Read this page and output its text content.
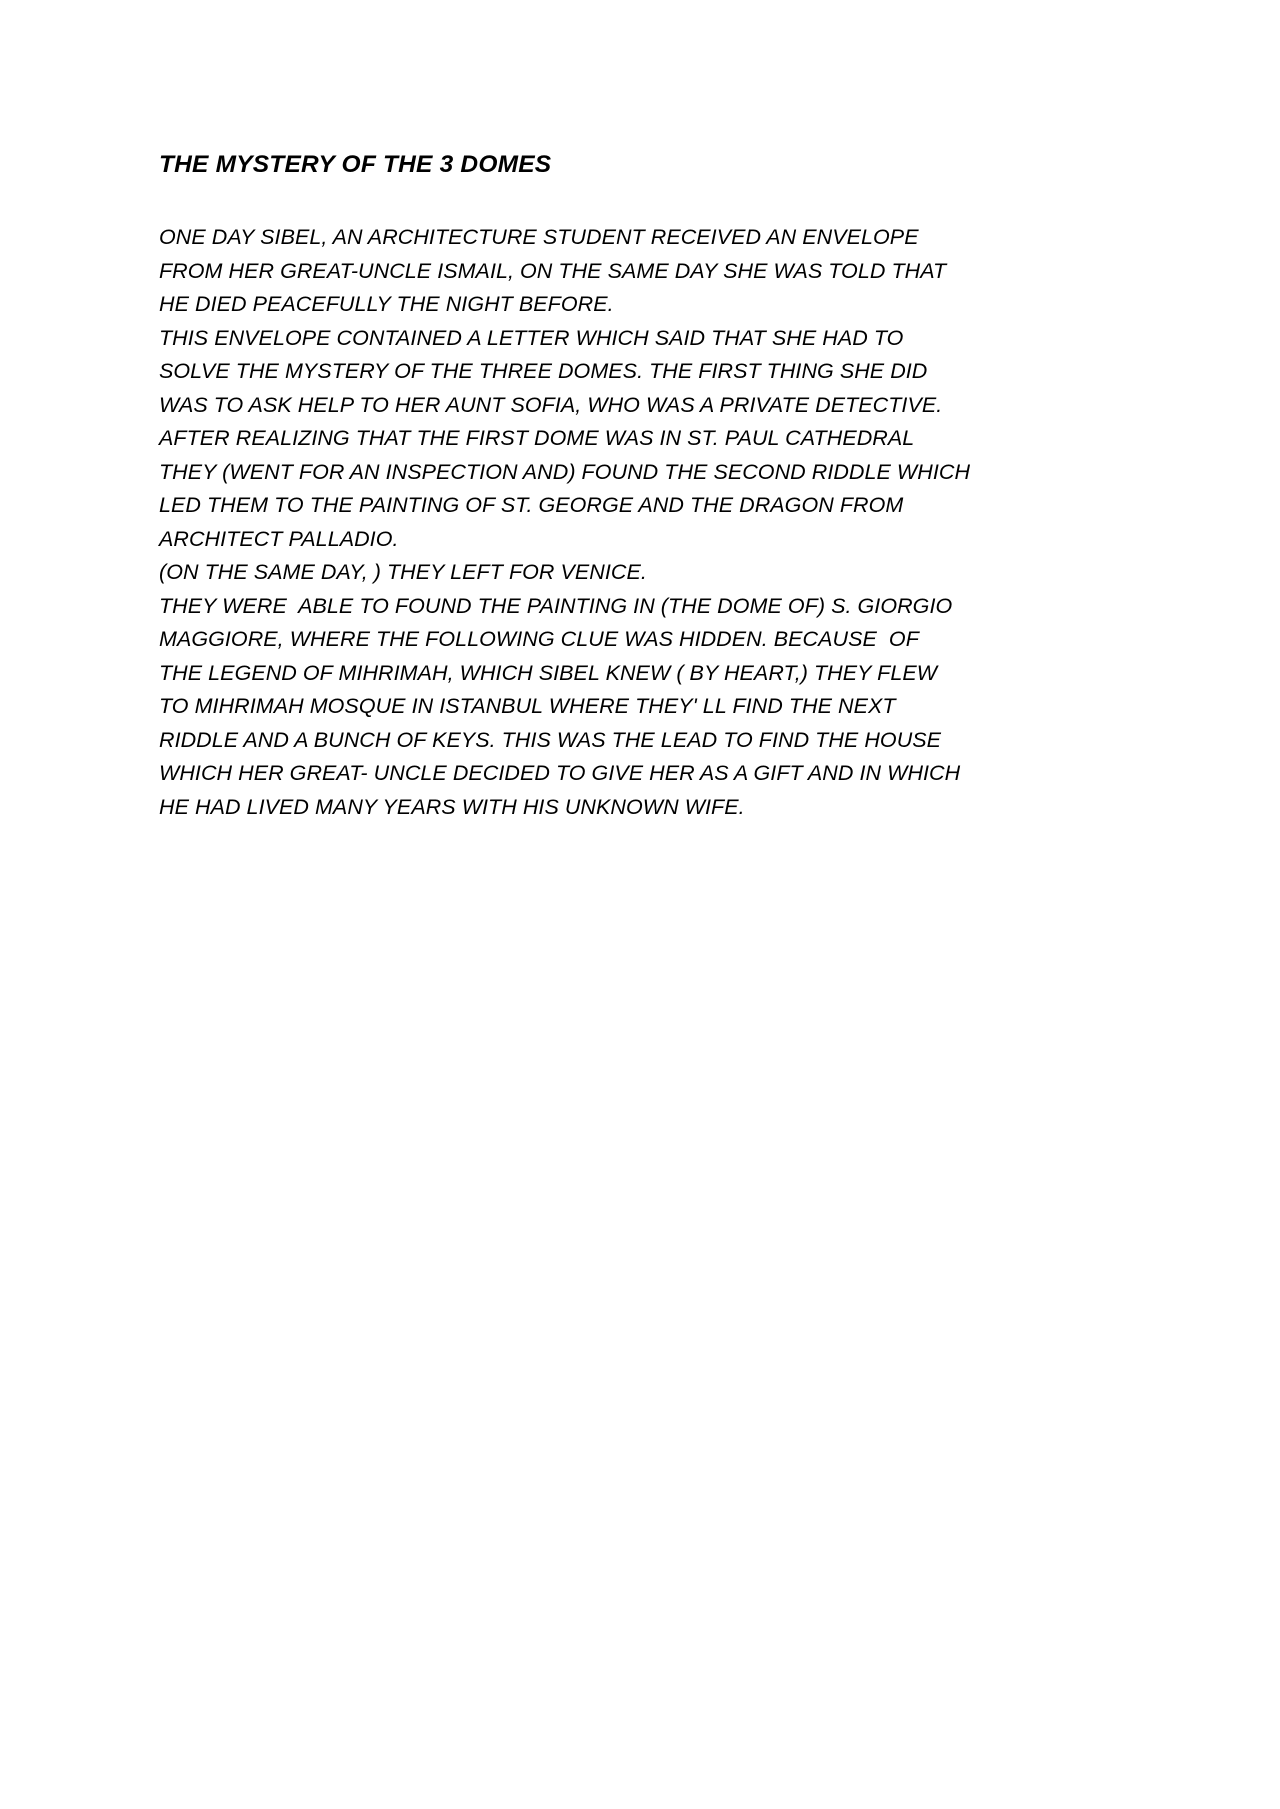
THE MYSTERY OF THE 3 DOMES

ONE DAY SIBEL, AN ARCHITECTURE STUDENT RECEIVED AN ENVELOPE
FROM HER GREAT-UNCLE ISMAIL, ON THE SAME DAY SHE WAS TOLD THAT
HE DIED PEACEFULLY THE NIGHT BEFORE.

THIS ENVELOPE CONTAINED A LETTER WHICH SAID THAT SHE HAD TO
SOLVE THE MYSTERY OF THE THREE DOMES. THE FIRST THING SHE DID
WAS TO ASK HELP TO HER AUNT SOFIA, WHO WAS A PRIVATE DETECTIVE.
AFTER REALIZING THAT THE FIRST DOME WAS IN ST. PAUL CATHEDRAL
THEY (WENT FOR AN INSPECTION AND) FOUND THE SECOND RIDDLE WHICH
LED THEM TO THE PAINTING OF ST. GEORGE AND THE DRAGON FROM
ARCHITECT PALLADIO.

(ON THE SAME DAY, ) THEY LEFT FOR VENICE.

THEY WERE  ABLE TO FOUND THE PAINTING IN (THE DOME OF) S. GIORGIO
MAGGIORE, WHERE THE FOLLOWING CLUE WAS HIDDEN. BECAUSE  OF
THE LEGEND OF MIHRIMAH, WHICH SIBEL KNEW ( BY HEART,) THEY FLEW
TO MIHRIMAH MOSQUE IN ISTANBUL WHERE THEY' LL FIND THE NEXT
RIDDLE AND A BUNCH OF KEYS. THIS WAS THE LEAD TO FIND THE HOUSE
WHICH HER GREAT- UNCLE DECIDED TO GIVE HER AS A GIFT AND IN WHICH
HE HAD LIVED MANY YEARS WITH HIS UNKNOWN WIFE.
